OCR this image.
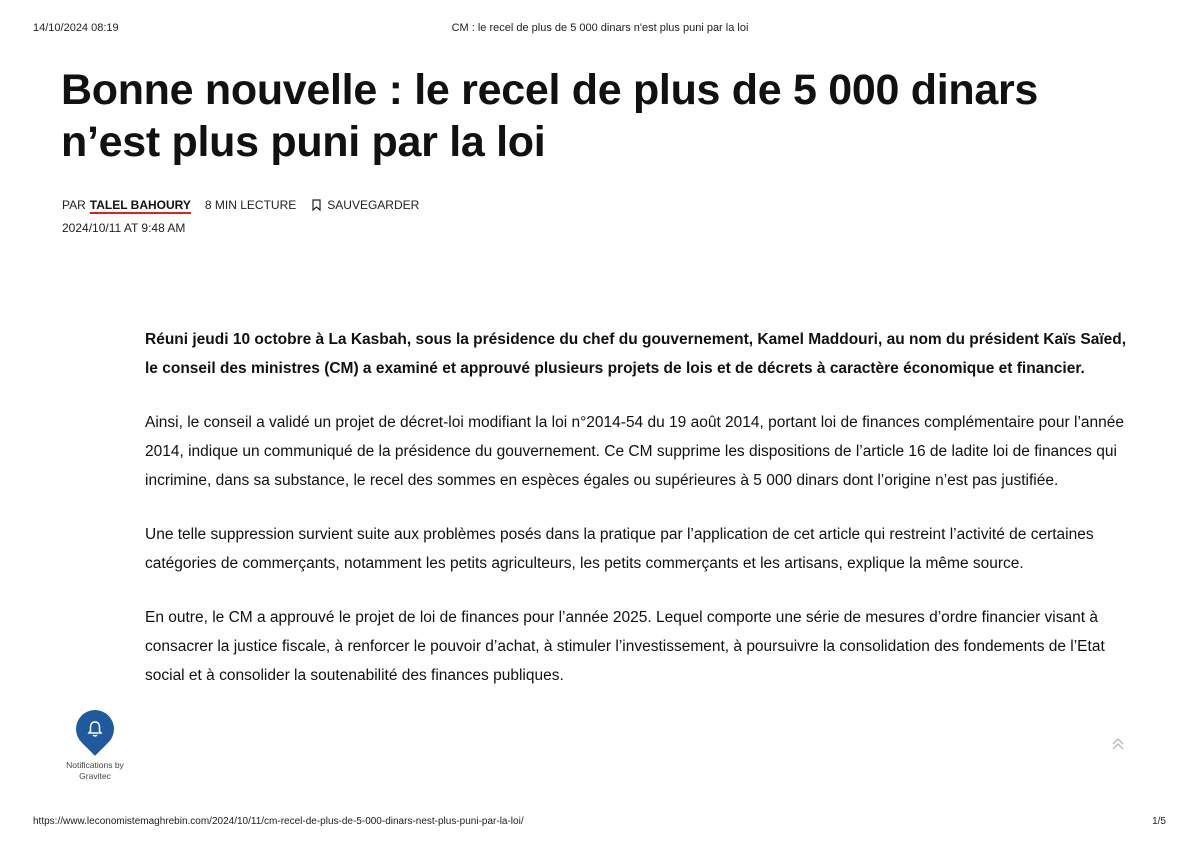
14/10/2024 08:19	CM : le recel de plus de 5 000 dinars n'est plus puni par la loi
Bonne nouvelle : le recel de plus de 5 000 dinars n’est plus puni par la loi
PAR TALEL BAHOURY 8 MIN LECTURE	SAUVEGARDER
2024/10/11 AT 9:48 AM

Réuni jeudi 10 octobre à La Kasbah, sous la présidence du chef du gouvernement, Kamel Maddouri, au nom du président Kaïs Saïed, le conseil des ministres (CM) a examiné et approuvé plusieurs projets de lois et de décrets à caractère économique et financier.

Ainsi, le conseil a validé un projet de décret-loi modifiant la loi n°2014-54 du 19 août 2014, portant loi de finances complémentaire pour l’année 2014, indique un communiqué de la présidence du gouvernement. Ce CM supprime les dispositions de l’article 16 de ladite loi de finances qui incrimine, dans sa substance, le recel des sommes en espèces égales ou supérieures à 5 000 dinars dont l’origine n’est pas justifiée.

Une telle suppression survient suite aux problèmes posés dans la pratique par l’application de cet article qui restreint l’activité de certaines catégories de commerçants, notamment les petits agriculteurs, les petits commerçants et les artisans, explique la même source.

En outre, le CM a approuvé le projet de loi de finances pour l’année 2025. Lequel comporte une série de mesures d’ordre financier visant à consacrer la justice fiscale, à renforcer le pouvoir d’achat, à stimuler l’investissement, à poursuivre la consolidation des fondements de l’Etat social et à consolider la soutenabilité des finances publiques.

Notifications by Gravitec
https://www.leconomistemaghrebin.com/2024/10/11/cm-recel-de-plus-de-5-000-dinars-nest-plus-puni-par-la-loi/	1/5
